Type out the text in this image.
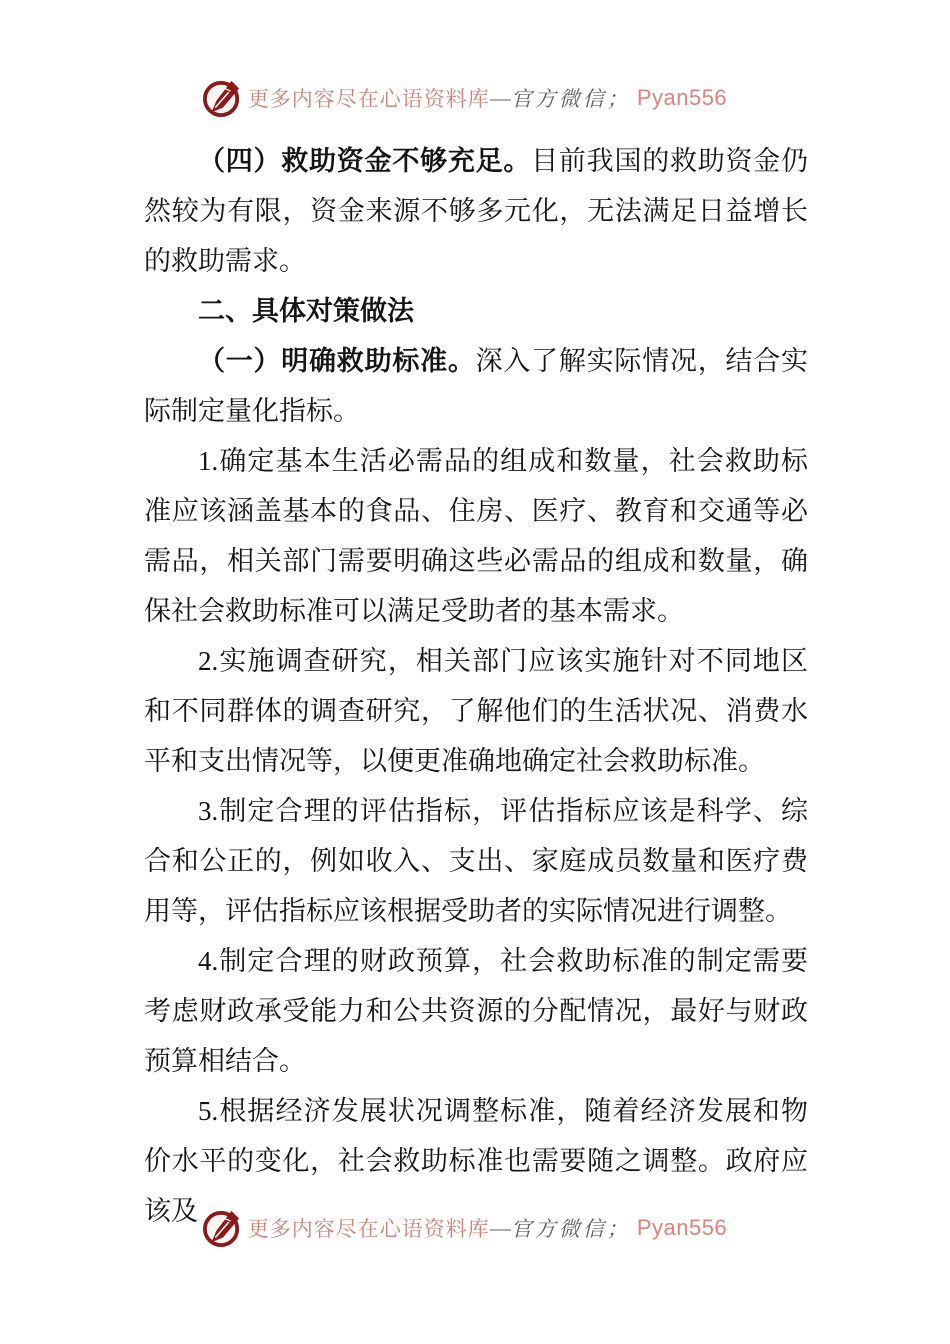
更多内容尽在心语资料库 — 官方微信； Pyan556

（四）救助资金不够充足。目前我国的救助资金仍然较为有限，资金来源不够多元化，无法满足日益增长的救助需求。

二、具体对策做法

（一）明确救助标准。深入了解实际情况，结合实际制定量化指标。

1.确定基本生活必需品的组成和数量，社会救助标准应该涵盖基本的食品、住房、医疗、教育和交通等必需品，相关部门需要明确这些必需品的组成和数量，确保社会救助标准可以满足受助者的基本需求。

2.实施调查研究，相关部门应该实施针对不同地区和不同群体的调查研究，了解他们的生活状况、消费水平和支出情况等，以便更准确地确定社会救助标准。

3.制定合理的评估指标，评估指标应该是科学、综合和公正的，例如收入、支出、家庭成员数量和医疗费用等，评估指标应该根据受助者的实际情况进行调整。

4.制定合理的财政预算，社会救助标准的制定需要考虑财政承受能力和公共资源的分配情况，最好与财政预算相结合。

5.根据经济发展状况调整标准，随着经济发展和物价水平的变化，社会救助标准也需要随之调整。政府应该及

更多内容尽在心语资料库 — 官方微信； Pyan556
